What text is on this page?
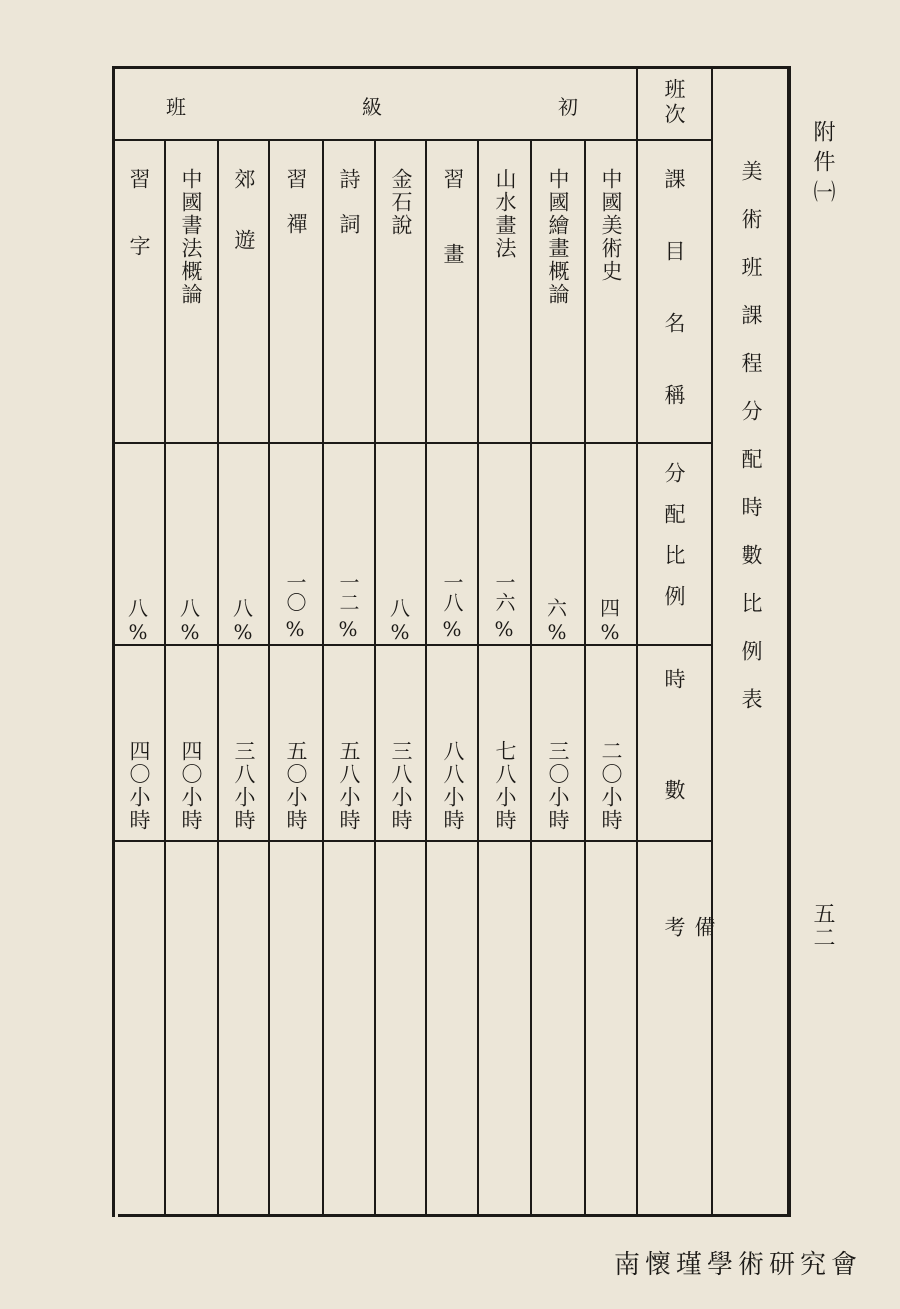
附件㈠
五二
美術班課程分配時數比例表
班次
課目名稱
分配比例
時數
備考
班	級	初
中國美術史
四
%
二〇小時
中國繪畫概論
六
%
三〇小時
山水畫法
一六
%
七八小時
習畫
一八
%
八八小時
金石說
八
%
三八小時
詩詞
一二
%
五八小時
習禪
一〇
%
五〇小時
郊遊
八
%
三八小時
中國書法概論
八
%
四〇小時
習字
八
%
四〇小時
南懷瑾學術研究會
